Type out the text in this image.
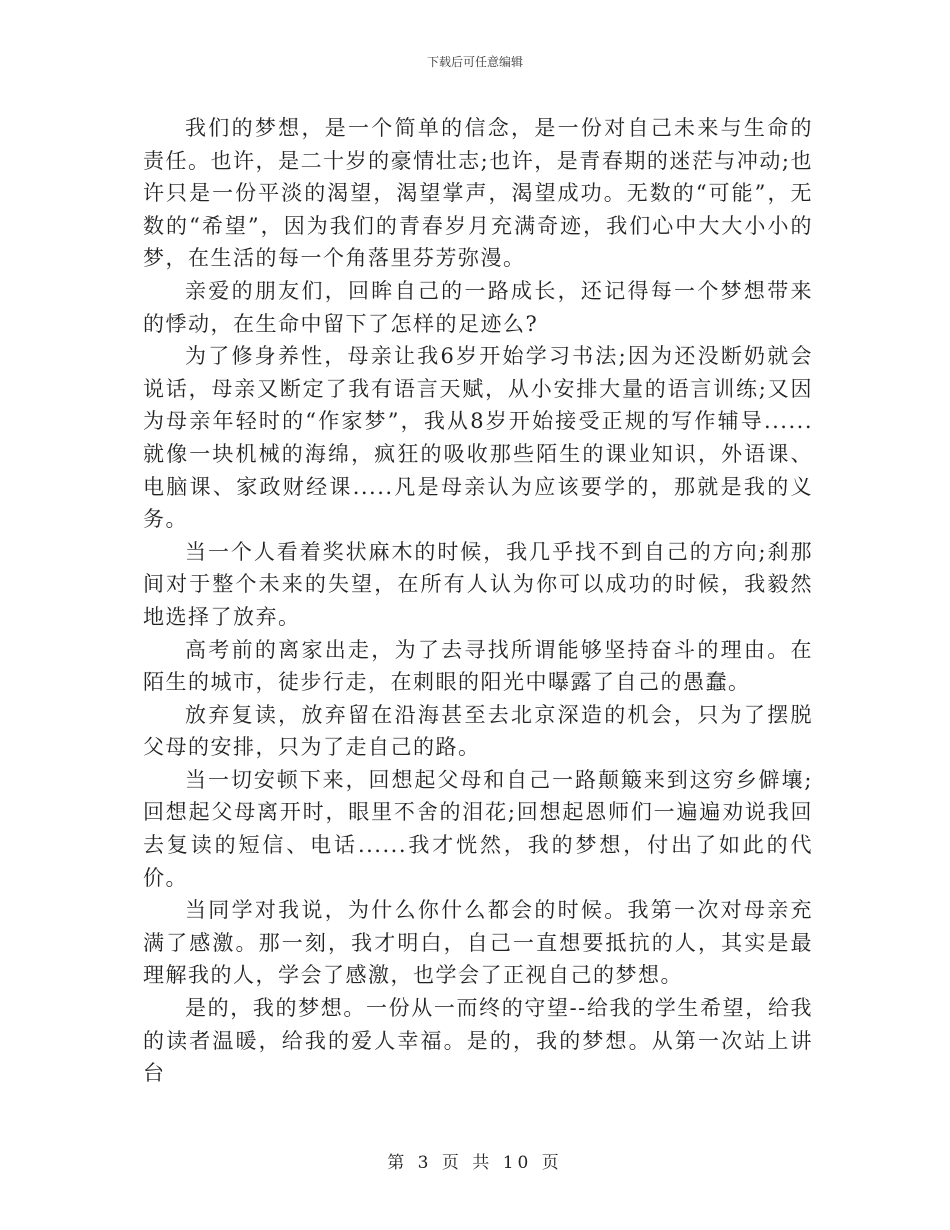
下载后可任意编辑

我们的梦想，是一个简单的信念，是一份对自己未来与生命的责任。也许，是二十岁的豪情壮志;也许，是青春期的迷茫与冲动;也许只是一份平淡的渴望，渴望掌声，渴望成功。无数的“可能”，无数的“希望”，因为我们的青春岁月充满奇迹，我们心中大大小小的梦，在生活的每一个角落里芬芳弥漫。

亲爱的朋友们，回眸自己的一路成长，还记得每一个梦想带来的悸动，在生命中留下了怎样的足迹么?

为了修身养性，母亲让我6岁开始学习书法;因为还没断奶就会说话，母亲又断定了我有语言天赋，从小安排大量的语言训练;又因为母亲年轻时的“作家梦”，我从8岁开始接受正规的写作辅导......就像一块机械的海绵，疯狂的吸收那些陌生的课业知识，外语课、电脑课、家政财经课.....凡是母亲认为应该要学的，那就是我的义务。

当一个人看着奖状麻木的时候，我几乎找不到自己的方向;刹那间对于整个未来的失望，在所有人认为你可以成功的时候，我毅然地选择了放弃。

高考前的离家出走，为了去寻找所谓能够坚持奋斗的理由。在陌生的城市，徒步行走，在刺眼的阳光中曝露了自己的愚蠢。

放弃复读，放弃留在沿海甚至去北京深造的机会，只为了摆脱父母的安排，只为了走自己的路。

当一切安顿下来，回想起父母和自己一路颠簸来到这穷乡僻壤;回想起父母离开时，眼里不舍的泪花;回想起恩师们一遍遍劝说我回去复读的短信、电话......我才恍然，我的梦想，付出了如此的代价。

当同学对我说，为什么你什么都会的时候。我第一次对母亲充满了感激。那一刻，我才明白，自己一直想要抵抗的人，其实是最理解我的人，学会了感激，也学会了正视自己的梦想。

是的，我的梦想。一份从一而终的守望--给我的学生希望，给我的读者温暖，给我的爱人幸福。是的，我的梦想。从第一次站上讲台

第 3 页 共 10 页
